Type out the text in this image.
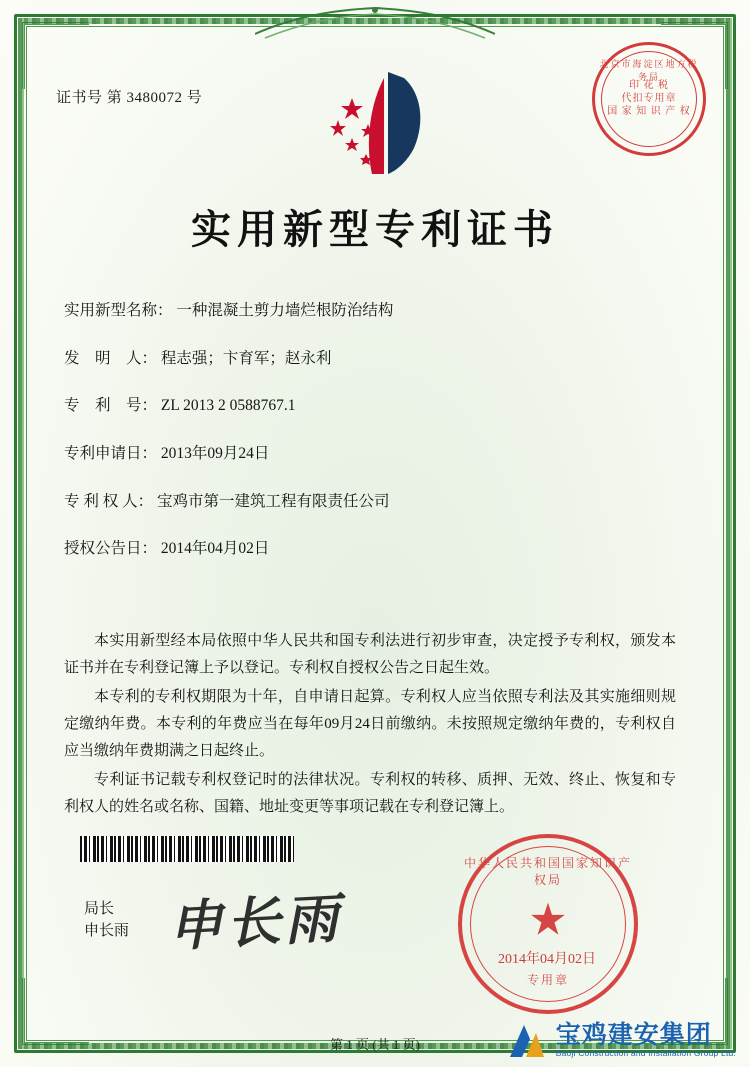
证书号 第 3480072 号
北京市海淀区地方税务局
印 花 税
代扣专用章
国 家 知 识 产 权
实用新型专利证书
实用新型名称： 一种混凝土剪力墙烂根防治结构
发　明　人： 程志强；卞育军；赵永利
专　利　号： ZL 2013 2 0588767.1
专利申请日： 2013年09月24日
专 利 权 人： 宝鸡市第一建筑工程有限责任公司
授权公告日： 2014年04月02日

本实用新型经本局依照中华人民共和国专利法进行初步审查，决定授予专利权，颁发本证书并在专利登记簿上予以登记。专利权自授权公告之日起生效。

本专利的专利权期限为十年，自申请日起算。专利权人应当依照专利法及其实施细则规定缴纳年费。本专利的年费应当在每年09月24日前缴纳。未按照规定缴纳年费的，专利权自应当缴纳年费期满之日起终止。

专利证书记载专利权登记时的法律状况。专利权的转移、质押、无效、终止、恢复和专利权人的姓名或名称、国籍、地址变更等事项记载在专利登记簿上。

局长
申长雨 申长雨
中华人民共和国国家知识产权局
★
专用章
2014年04月02日
第 1 页 (共 1 页)	宝鸡建安集团
Baoji Construction and Installation Group Ltd.
